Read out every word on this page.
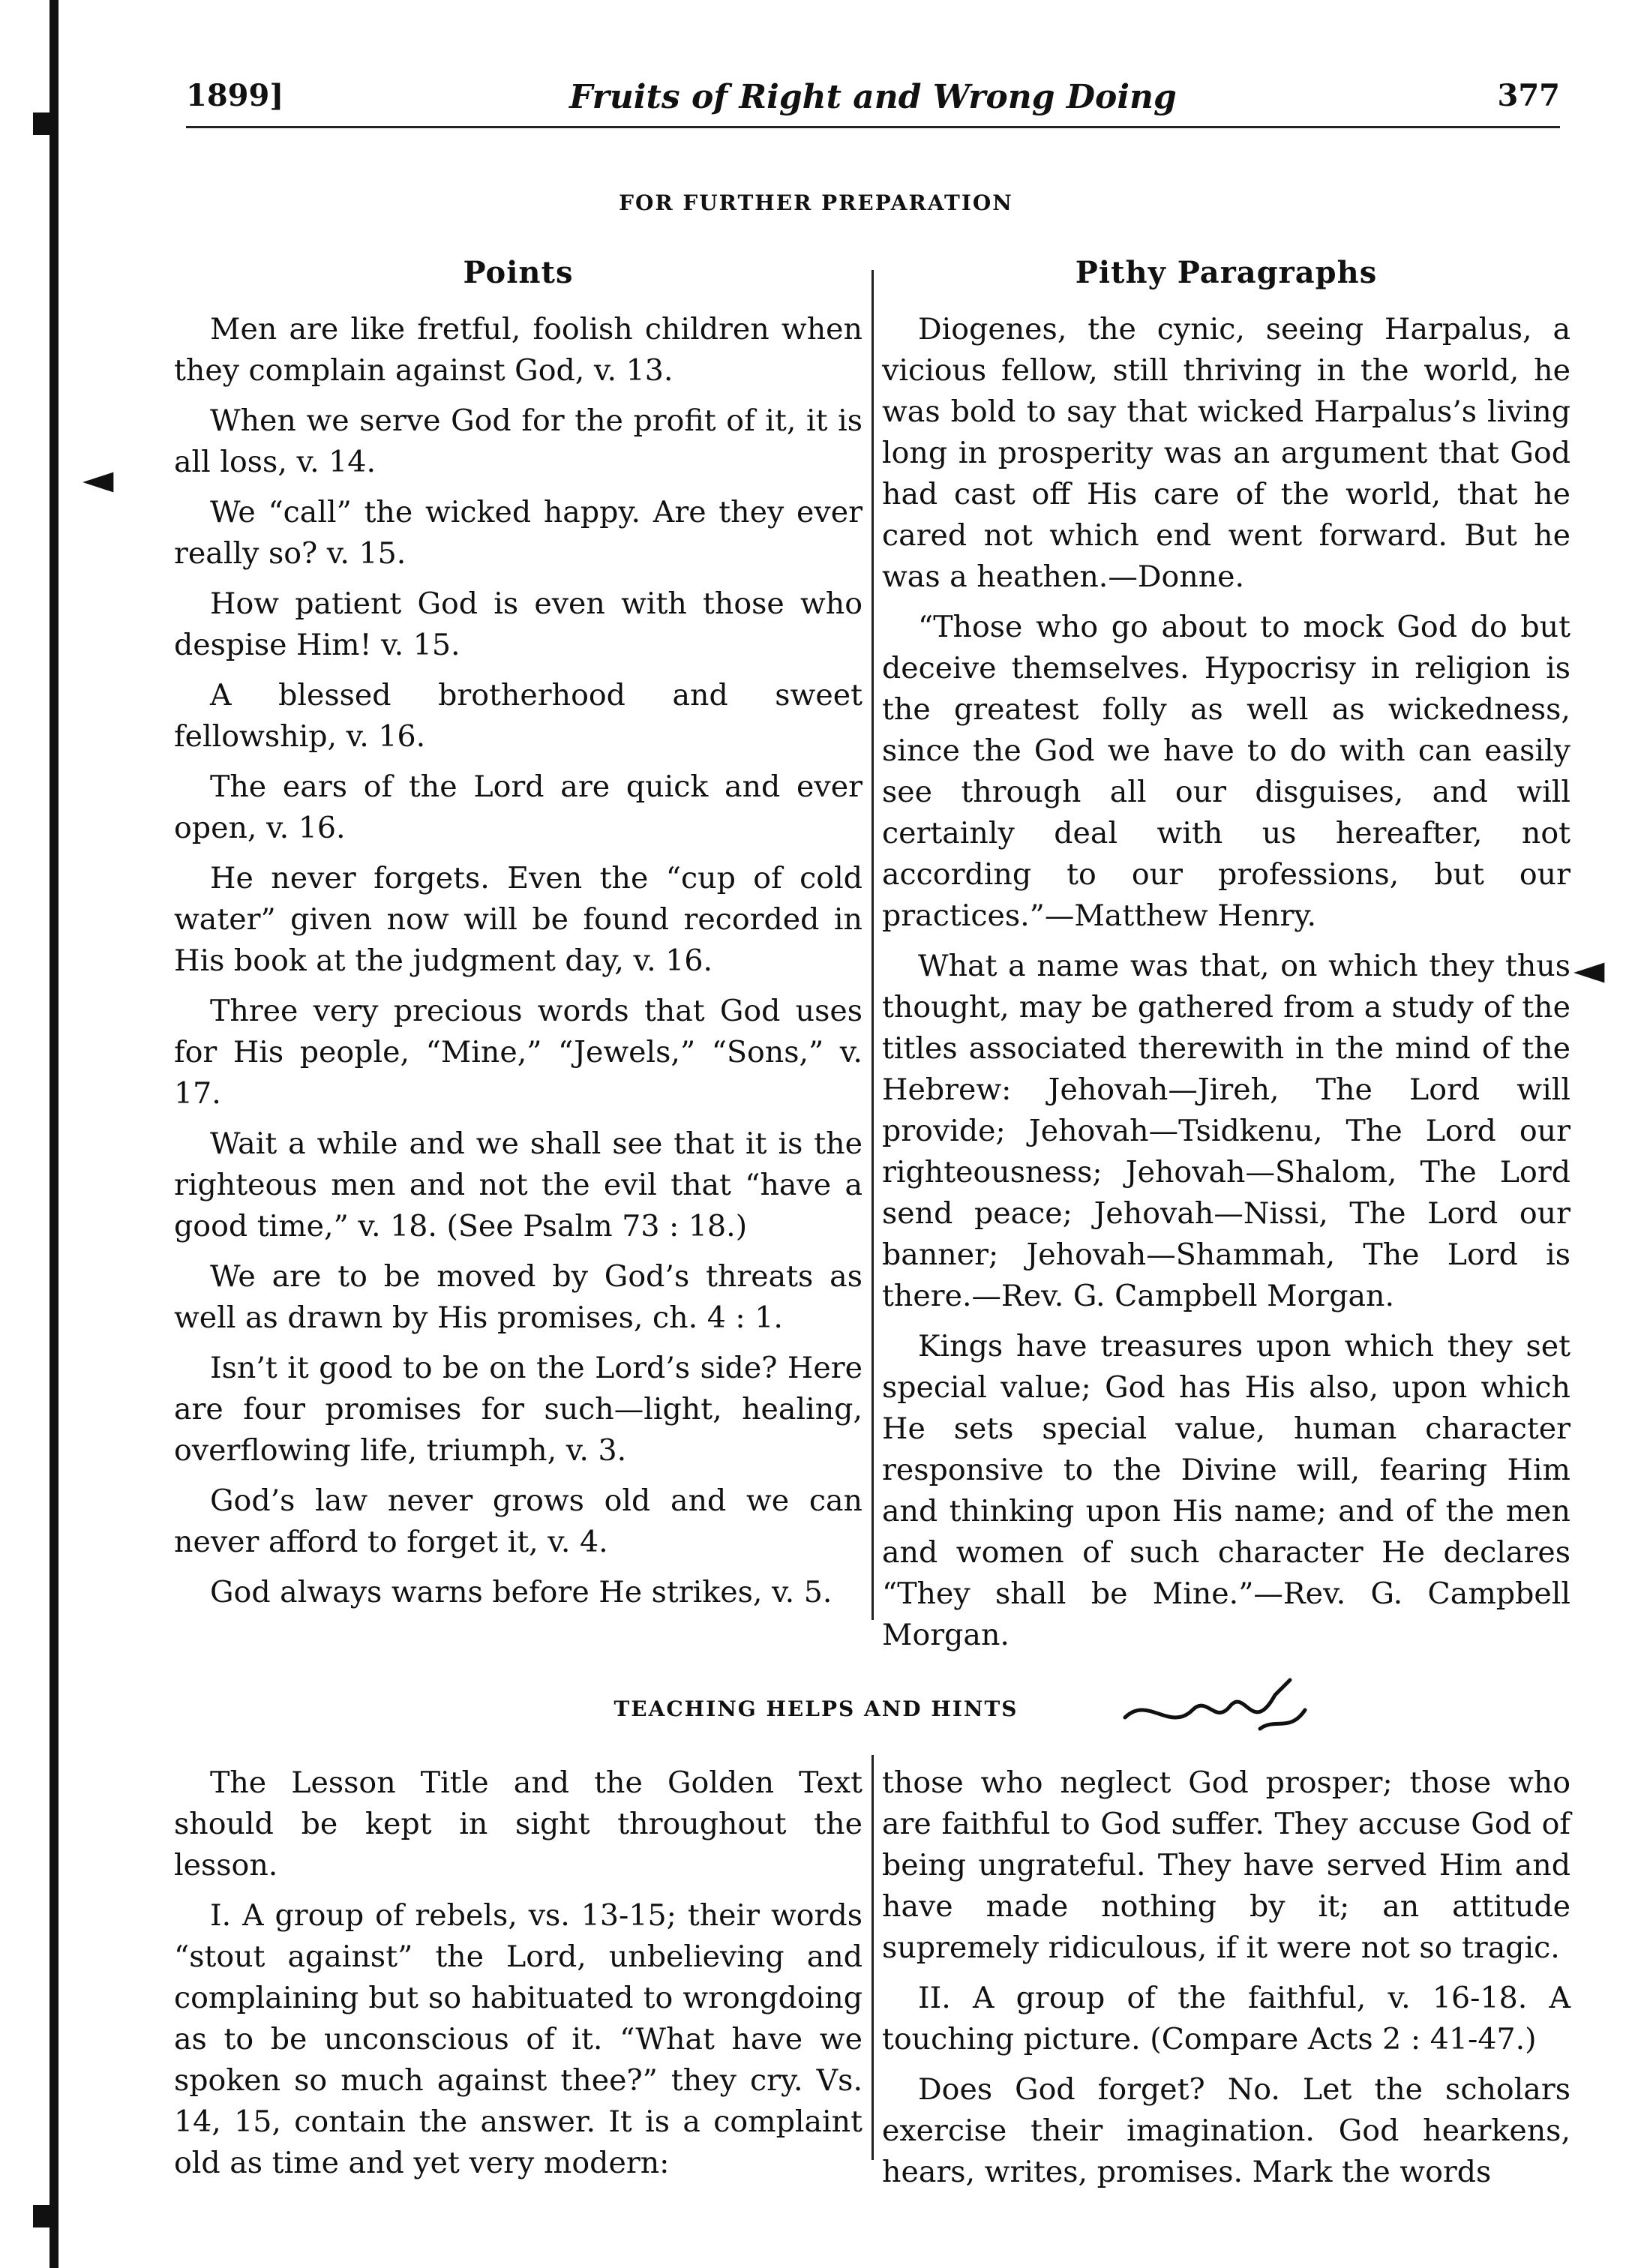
1899]	Fruits of Right and Wrong Doing	377
FOR FURTHER PREPARATION
Points	Pithy Paragraphs

Men are like fretful, foolish children when they complain against God, v. 13.

When we serve God for the profit of it, it is all loss, v. 14.

We “call” the wicked happy. Are they ever really so? v. 15.

How patient God is even with those who despise Him! v. 15.

A blessed brotherhood and sweet fellowship, v. 16.

The ears of the Lord are quick and ever open, v. 16.

He never forgets. Even the “cup of cold water” given now will be found recorded in His book at the judgment day, v. 16.

Three very precious words that God uses for His people, “Mine,” “Jewels,” “Sons,” v. 17.

Wait a while and we shall see that it is the righteous men and not the evil that “have a good time,” v. 18. (See Psalm 73 : 18.)

We are to be moved by God’s threats as well as drawn by His promises, ch. 4 : 1.

Isn’t it good to be on the Lord’s side? Here are four promises for such—light, healing, overflowing life, triumph, v. 3.

God’s law never grows old and we can never afford to forget it, v. 4.

God always warns before He strikes, v. 5.

Diogenes, the cynic, seeing Harpalus, a vicious fellow, still thriving in the world, he was bold to say that wicked Harpalus’s living long in prosperity was an argument that God had cast off His care of the world, that he cared not which end went forward. But he was a heathen.—Donne.

“Those who go about to mock God do but deceive themselves. Hypocrisy in religion is the greatest folly as well as wickedness, since the God we have to do with can easily see through all our disguises, and will certainly deal with us hereafter, not according to our professions, but our practices.”—Matthew Henry.

What a name was that, on which they thus thought, may be gathered from a study of the titles associated therewith in the mind of the Hebrew: Jehovah—Jireh, The Lord will provide; Jehovah—Tsidkenu, The Lord our righteousness; Jehovah—Shalom, The Lord send peace; Jehovah—Nissi, The Lord our banner; Jehovah—Shammah, The Lord is there.—Rev. G. Campbell Morgan.

Kings have treasures upon which they set special value; God has His also, upon which He sets special value, human character responsive to the Divine will, fearing Him and thinking upon His name; and of the men and women of such character He declares “They shall be Mine.”—Rev. G. Campbell Morgan.

TEACHING HELPS AND HINTS

The Lesson Title and the Golden Text should be kept in sight throughout the lesson.

I. A group of rebels, vs. 13-15; their words “stout against” the Lord, unbelieving and complaining but so habituated to wrongdoing as to be unconscious of it. “What have we spoken so much against thee?” they cry. Vs. 14, 15, contain the answer. It is a complaint old as time and yet very modern:

those who neglect God prosper; those who are faithful to God suffer. They accuse God of being ungrateful. They have served Him and have made nothing by it; an attitude supremely ridiculous, if it were not so tragic.

II. A group of the faithful, v. 16-18. A touching picture. (Compare Acts 2 : 41-47.)

Does God forget? No. Let the scholars exercise their imagination. God hearkens, hears, writes, promises. Mark the words

◄
◄
